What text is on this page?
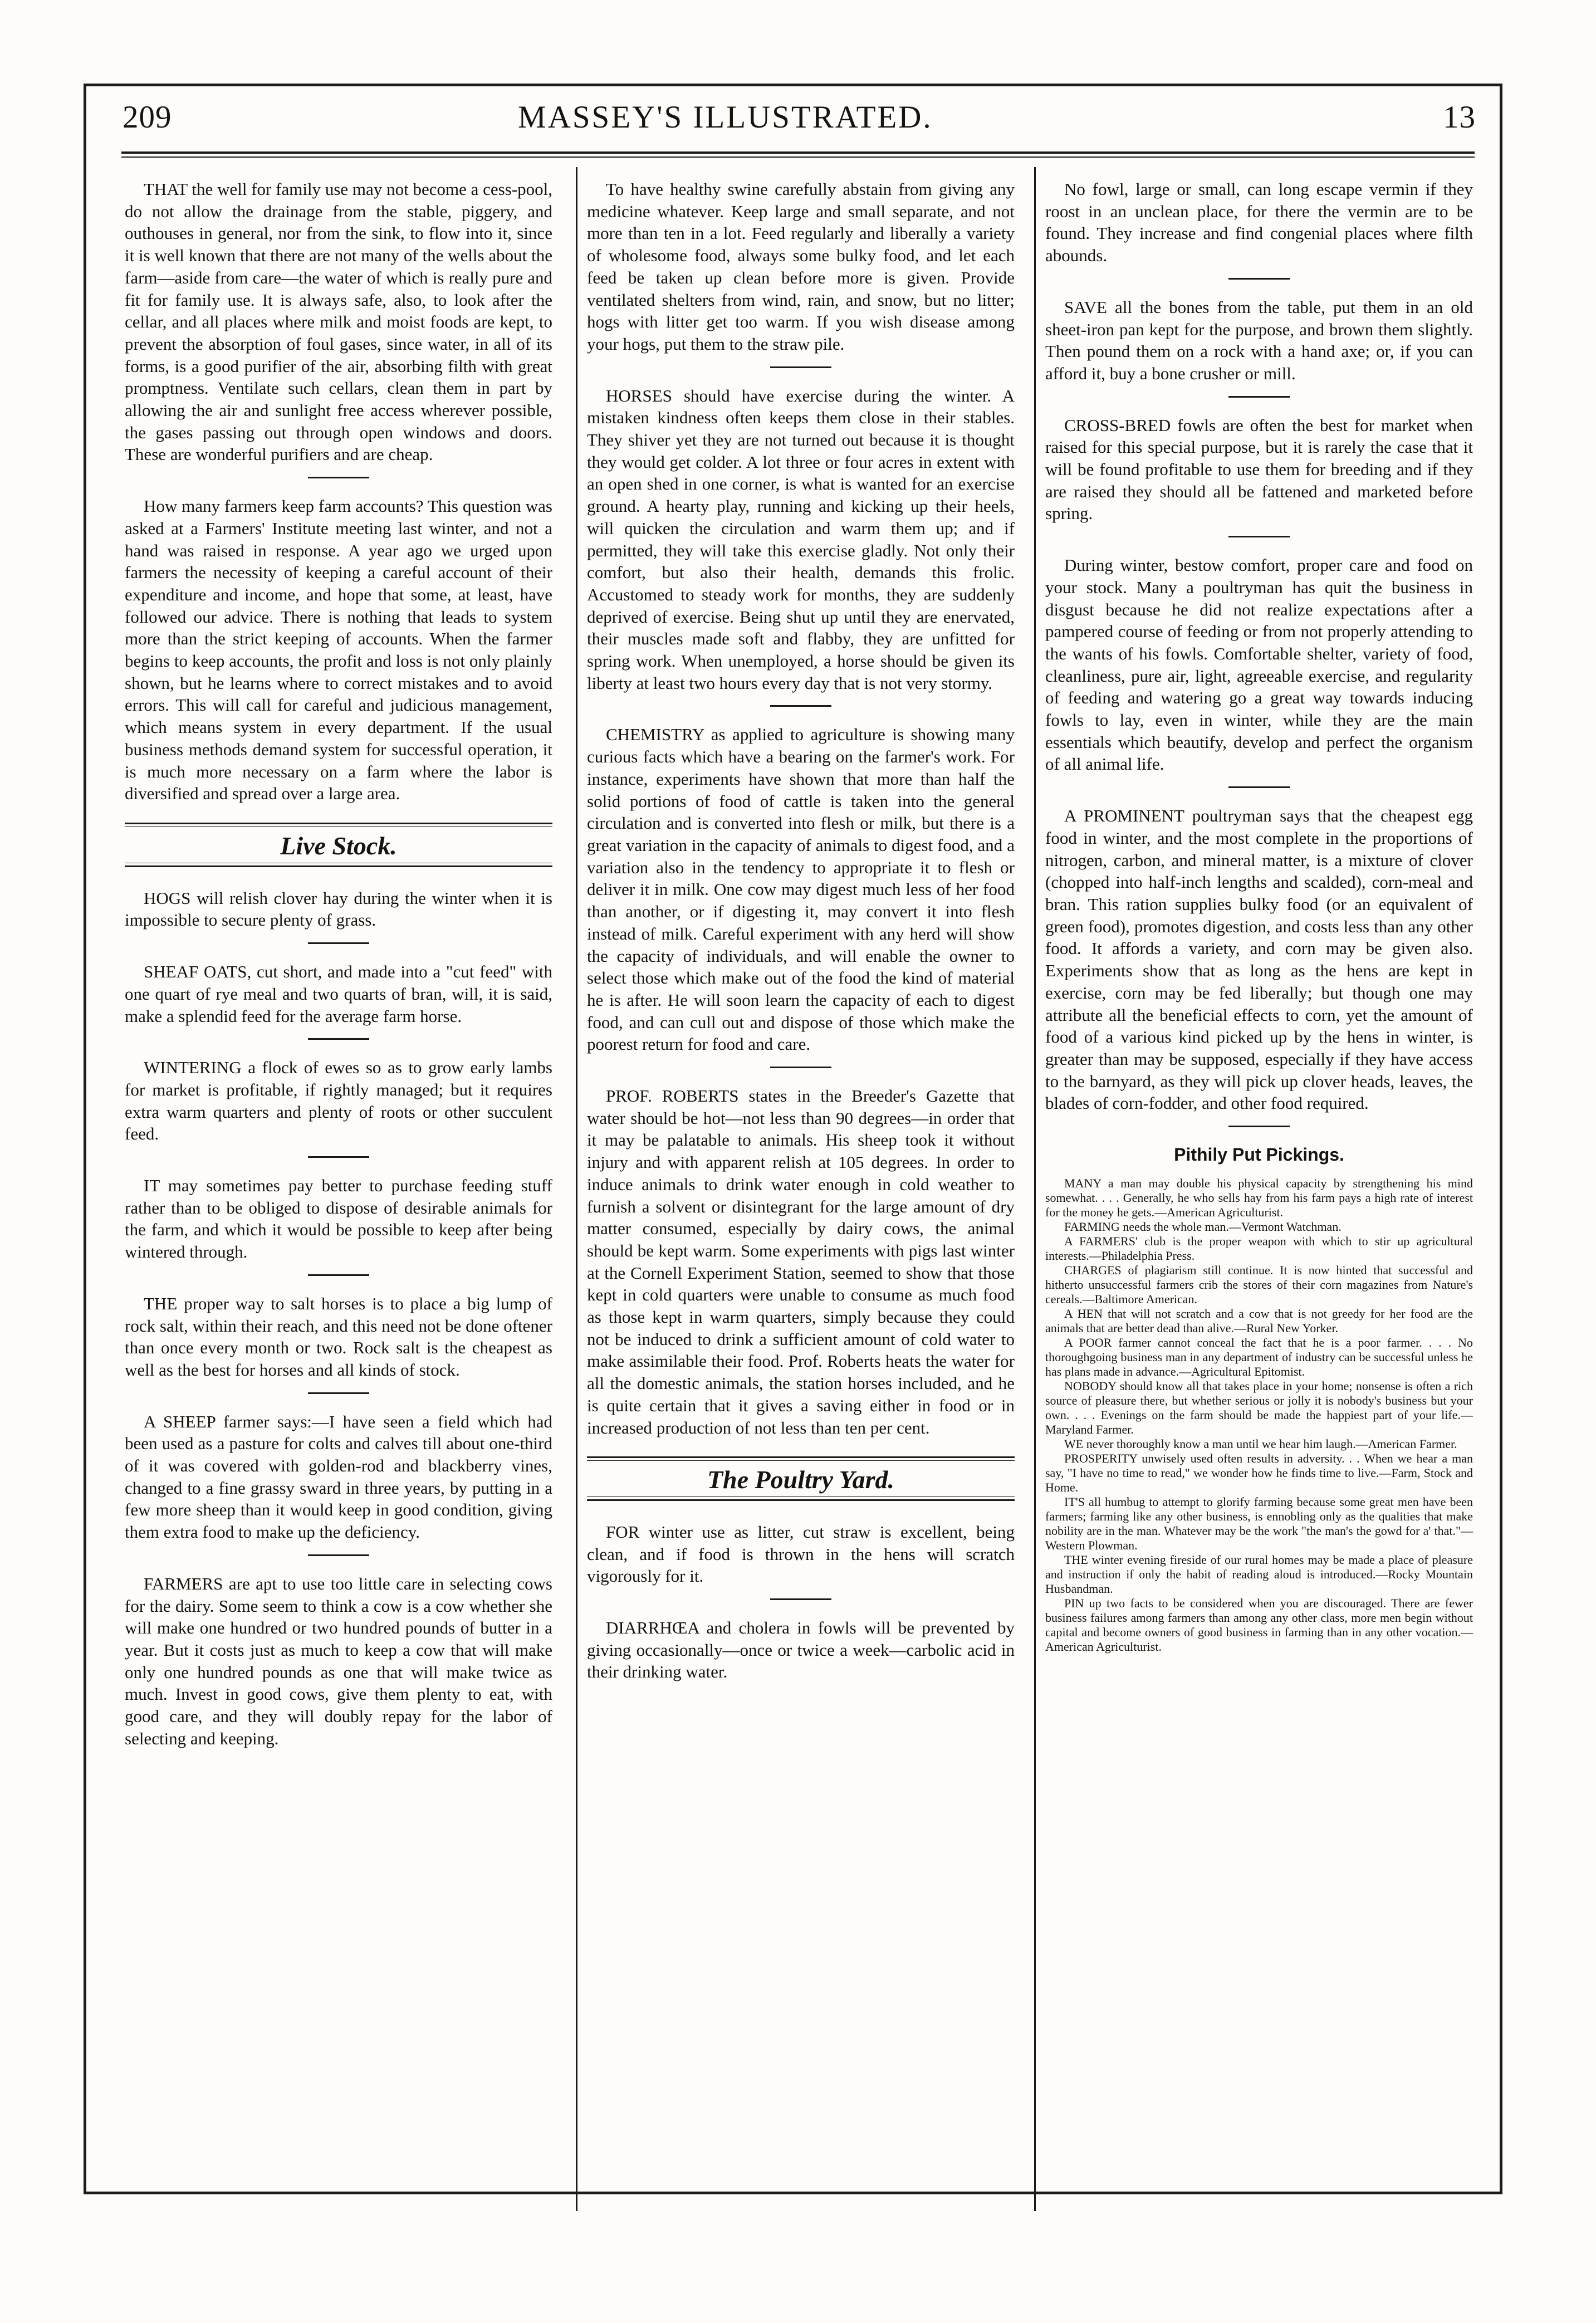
209	MASSEY'S ILLUSTRATED.	13

THAT the well for family use may not become a cess-pool, do not allow the drainage from the stable, piggery, and outhouses in general, nor from the sink, to flow into it, since it is well known that there are not many of the wells about the farm—aside from care—the water of which is really pure and fit for family use. It is always safe, also, to look after the cellar, and all places where milk and moist foods are kept, to prevent the absorption of foul gases, since water, in all of its forms, is a good purifier of the air, absorbing filth with great promptness. Ventilate such cellars, clean them in part by allowing the air and sunlight free access wherever possible, the gases passing out through open windows and doors. These are wonderful purifiers and are cheap.

How many farmers keep farm accounts? This question was asked at a Farmers' Institute meeting last winter, and not a hand was raised in response. A year ago we urged upon farmers the necessity of keeping a careful account of their expenditure and income, and hope that some, at least, have followed our advice. There is nothing that leads to system more than the strict keeping of accounts. When the farmer begins to keep accounts, the profit and loss is not only plainly shown, but he learns where to correct mistakes and to avoid errors. This will call for careful and judicious management, which means system in every department. If the usual business methods demand system for successful operation, it is much more necessary on a farm where the labor is diversified and spread over a large area.

Live Stock.

HOGS will relish clover hay during the winter when it is impossible to secure plenty of grass.

SHEAF OATS, cut short, and made into a "cut feed" with one quart of rye meal and two quarts of bran, will, it is said, make a splendid feed for the average farm horse.

WINTERING a flock of ewes so as to grow early lambs for market is profitable, if rightly managed; but it requires extra warm quarters and plenty of roots or other succulent feed.

IT may sometimes pay better to purchase feeding stuff rather than to be obliged to dispose of desirable animals for the farm, and which it would be possible to keep after being wintered through.

THE proper way to salt horses is to place a big lump of rock salt, within their reach, and this need not be done oftener than once every month or two. Rock salt is the cheapest as well as the best for horses and all kinds of stock.

A SHEEP farmer says:—I have seen a field which had been used as a pasture for colts and calves till about one-third of it was covered with golden-rod and blackberry vines, changed to a fine grassy sward in three years, by putting in a few more sheep than it would keep in good condition, giving them extra food to make up the deficiency.

FARMERS are apt to use too little care in selecting cows for the dairy. Some seem to think a cow is a cow whether she will make one hundred or two hundred pounds of butter in a year. But it costs just as much to keep a cow that will make only one hundred pounds as one that will make twice as much. Invest in good cows, give them plenty to eat, with good care, and they will doubly repay for the labor of selecting and keeping.

To have healthy swine carefully abstain from giving any medicine whatever. Keep large and small separate, and not more than ten in a lot. Feed regularly and liberally a variety of wholesome food, always some bulky food, and let each feed be taken up clean before more is given. Provide ventilated shelters from wind, rain, and snow, but no litter; hogs with litter get too warm. If you wish disease among your hogs, put them to the straw pile.

HORSES should have exercise during the winter. A mistaken kindness often keeps them close in their stables. They shiver yet they are not turned out because it is thought they would get colder. A lot three or four acres in extent with an open shed in one corner, is what is wanted for an exercise ground. A hearty play, running and kicking up their heels, will quicken the circulation and warm them up; and if permitted, they will take this exercise gladly. Not only their comfort, but also their health, demands this frolic. Accustomed to steady work for months, they are suddenly deprived of exercise. Being shut up until they are enervated, their muscles made soft and flabby, they are unfitted for spring work. When unemployed, a horse should be given its liberty at least two hours every day that is not very stormy.

CHEMISTRY as applied to agriculture is showing many curious facts which have a bearing on the farmer's work. For instance, experiments have shown that more than half the solid portions of food of cattle is taken into the general circulation and is converted into flesh or milk, but there is a great variation in the capacity of animals to digest food, and a variation also in the tendency to appropriate it to flesh or deliver it in milk. One cow may digest much less of her food than another, or if digesting it, may convert it into flesh instead of milk. Careful experiment with any herd will show the capacity of individuals, and will enable the owner to select those which make out of the food the kind of material he is after. He will soon learn the capacity of each to digest food, and can cull out and dispose of those which make the poorest return for food and care.

PROF. ROBERTS states in the Breeder's Gazette that water should be hot—not less than 90 degrees—in order that it may be palatable to animals. His sheep took it without injury and with apparent relish at 105 degrees. In order to induce animals to drink water enough in cold weather to furnish a solvent or disintegrant for the large amount of dry matter consumed, especially by dairy cows, the animal should be kept warm. Some experiments with pigs last winter at the Cornell Experiment Station, seemed to show that those kept in cold quarters were unable to consume as much food as those kept in warm quarters, simply because they could not be induced to drink a sufficient amount of cold water to make assimilable their food. Prof. Roberts heats the water for all the domestic animals, the station horses included, and he is quite certain that it gives a saving either in food or in increased production of not less than ten per cent.

The Poultry Yard.

FOR winter use as litter, cut straw is excellent, being clean, and if food is thrown in the hens will scratch vigorously for it.

DIARRHŒA and cholera in fowls will be prevented by giving occasionally—once or twice a week—carbolic acid in their drinking water.

No fowl, large or small, can long escape vermin if they roost in an unclean place, for there the vermin are to be found. They increase and find congenial places where filth abounds.

SAVE all the bones from the table, put them in an old sheet-iron pan kept for the purpose, and brown them slightly. Then pound them on a rock with a hand axe; or, if you can afford it, buy a bone crusher or mill.

CROSS-BRED fowls are often the best for market when raised for this special purpose, but it is rarely the case that it will be found profitable to use them for breeding and if they are raised they should all be fattened and marketed before spring.

During winter, bestow comfort, proper care and food on your stock. Many a poultryman has quit the business in disgust because he did not realize expectations after a pampered course of feeding or from not properly attending to the wants of his fowls. Comfortable shelter, variety of food, cleanliness, pure air, light, agreeable exercise, and regularity of feeding and watering go a great way towards inducing fowls to lay, even in winter, while they are the main essentials which beautify, develop and perfect the organism of all animal life.

A PROMINENT poultryman says that the cheapest egg food in winter, and the most complete in the proportions of nitrogen, carbon, and mineral matter, is a mixture of clover (chopped into half-inch lengths and scalded), corn-meal and bran. This ration supplies bulky food (or an equivalent of green food), promotes digestion, and costs less than any other food. It affords a variety, and corn may be given also. Experiments show that as long as the hens are kept in exercise, corn may be fed liberally; but though one may attribute all the beneficial effects to corn, yet the amount of food of a various kind picked up by the hens in winter, is greater than may be supposed, especially if they have access to the barnyard, as they will pick up clover heads, leaves, the blades of corn-fodder, and other food required.

Pithily Put Pickings.

MANY a man may double his physical capacity by strengthening his mind somewhat. . . . Generally, he who sells hay from his farm pays a high rate of interest for the money he gets.—American Agriculturist.

FARMING needs the whole man.—Vermont Watchman.

A FARMERS' club is the proper weapon with which to stir up agricultural interests.—Philadelphia Press.

CHARGES of plagiarism still continue. It is now hinted that successful and hitherto unsuccessful farmers crib the stores of their corn magazines from Nature's cereals.—Baltimore American.

A HEN that will not scratch and a cow that is not greedy for her food are the animals that are better dead than alive.—Rural New Yorker.

A POOR farmer cannot conceal the fact that he is a poor farmer. . . . No thoroughgoing business man in any department of industry can be successful unless he has plans made in advance.—Agricultural Epitomist.

NOBODY should know all that takes place in your home; nonsense is often a rich source of pleasure there, but whether serious or jolly it is nobody's business but your own. . . . Evenings on the farm should be made the happiest part of your life.—Maryland Farmer.

WE never thoroughly know a man until we hear him laugh.—American Farmer.

PROSPERITY unwisely used often results in adversity. . . When we hear a man say, "I have no time to read," we wonder how he finds time to live.—Farm, Stock and Home.

IT'S all humbug to attempt to glorify farming because some great men have been farmers; farming like any other business, is ennobling only as the qualities that make nobility are in the man. Whatever may be the work "the man's the gowd for a' that."—Western Plowman.

THE winter evening fireside of our rural homes may be made a place of pleasure and instruction if only the habit of reading aloud is introduced.—Rocky Mountain Husbandman.

PIN up two facts to be considered when you are discouraged. There are fewer business failures among farmers than among any other class, more men begin without capital and become owners of good business in farming than in any other vocation.—American Agriculturist.
